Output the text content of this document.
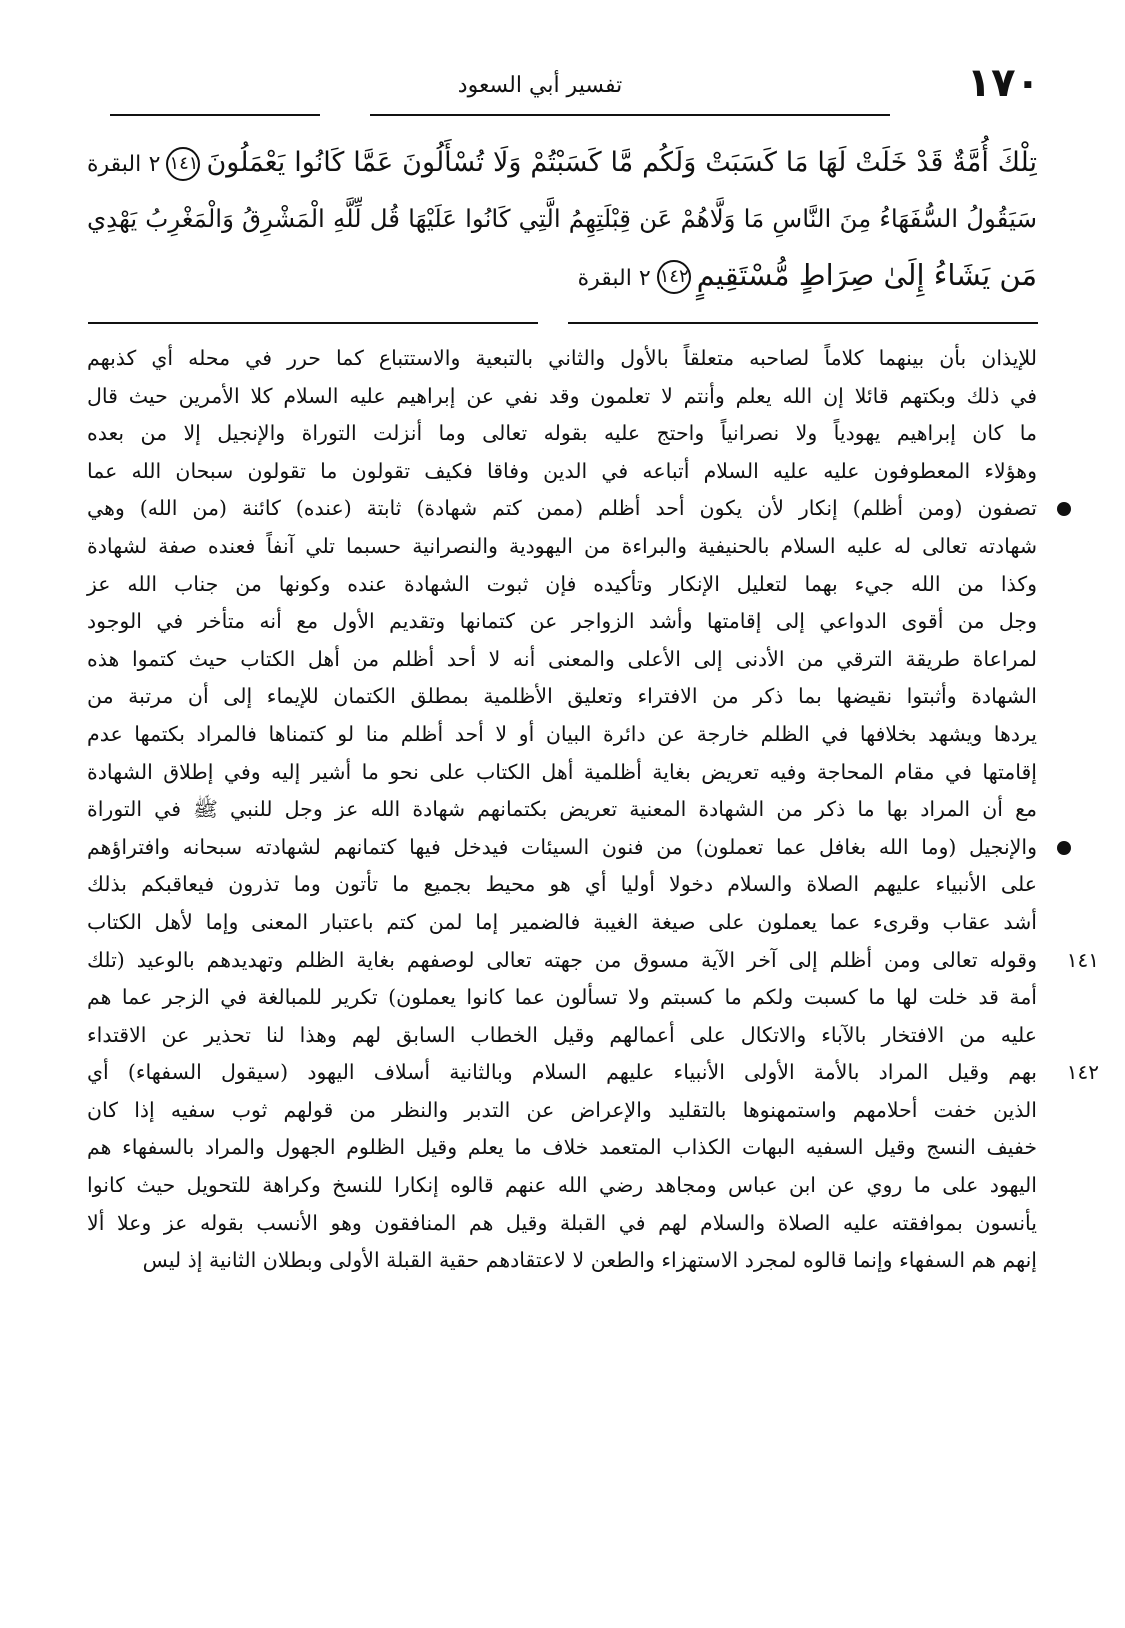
١٧٠
تفسير أبي السعود
تِلْكَ أُمَّةٌ قَدْ خَلَتْ لَهَا مَا كَسَبَتْ وَلَكُم مَّا كَسَبْتُمْ وَلَا تُسْأَلُونَ عَمَّا كَانُوا يَعْمَلُونَ١٤١٢ البقرة
سَيَقُولُ السُّفَهَاءُ مِنَ النَّاسِ مَا وَلَّاهُمْ عَن قِبْلَتِهِمُ الَّتِي كَانُوا عَلَيْهَا قُل لِّلَّهِ الْمَشْرِقُ وَالْمَغْرِبُ يَهْدِي
مَن يَشَاءُ إِلَىٰ صِرَاطٍ مُّسْتَقِيمٍ١٤٢٢ البقرة
للإيذان بأن بينهما كلاماً لصاحبه متعلقاً بالأول والثاني بالتبعية والاستتباع كما حرر في محله أي كذبهم
في ذلك وبكتهم قائلا إن الله يعلم وأنتم لا تعلمون وقد نفي عن إبراهيم عليه السلام كلا الأمرين حيث قال
ما كان إبراهيم يهودياً ولا نصرانياً واحتج عليه بقوله تعالى وما أنزلت التوراة والإنجيل إلا من بعده
وهؤلاء المعطوفون عليه عليه السلام أتباعه في الدين وفاقا فكيف تقولون ما تقولون سبحان الله عما
تصفون (ومن أظلم) إنكار لأن يكون أحد أظلم (ممن كتم شهادة) ثابتة (عنده) كائنة (من الله) وهي
شهادته تعالى له عليه السلام بالحنيفية والبراءة من اليهودية والنصرانية حسبما تلي آنفاً فعنده صفة لشهادة
وكذا من الله جيء بهما لتعليل الإنكار وتأكيده فإن ثبوت الشهادة عنده وكونها من جناب الله عز
وجل من أقوى الدواعي إلى إقامتها وأشد الزواجر عن كتمانها وتقديم الأول مع أنه متأخر في الوجود
لمراعاة طريقة الترقي من الأدنى إلى الأعلى والمعنى أنه لا أحد أظلم من أهل الكتاب حيث كتموا هذه
الشهادة وأثبتوا نقيضها بما ذكر من الافتراء وتعليق الأظلمية بمطلق الكتمان للإيماء إلى أن مرتبة من
يردها ويشهد بخلافها في الظلم خارجة عن دائرة البيان أو لا أحد أظلم منا لو كتمناها فالمراد بكتمها عدم
إقامتها في مقام المحاجة وفيه تعريض بغاية أظلمية أهل الكتاب على نحو ما أشير إليه وفي إطلاق الشهادة
مع أن المراد بها ما ذكر من الشهادة المعنية تعريض بكتمانهم شهادة الله عز وجل للنبي ﷺ في التوراة
والإنجيل (وما الله بغافل عما تعملون) من فنون السيئات فيدخل فيها كتمانهم لشهادته سبحانه وافتراؤهم
على الأنبياء عليهم الصلاة والسلام دخولا أوليا أي هو محيط بجميع ما تأتون وما تذرون فيعاقبكم بذلك
أشد عقاب وقرىء عما يعملون على صيغة الغيبة فالضمير إما لمن كتم باعتبار المعنى وإما لأهل الكتاب
وقوله تعالى ومن أظلم إلى آخر الآية مسوق من جهته تعالى لوصفهم بغاية الظلم وتهديدهم بالوعيد (تلك ١٤١
أمة قد خلت لها ما كسبت ولكم ما كسبتم ولا تسألون عما كانوا يعملون) تكرير للمبالغة في الزجر عما هم
عليه من الافتخار بالآباء والاتكال على أعمالهم وقيل الخطاب السابق لهم وهذا لنا تحذير عن الاقتداء
بهم وقيل المراد بالأمة الأولى الأنبياء عليهم السلام وبالثانية أسلاف اليهود (سيقول السفهاء) أي ١٤٢
الذين خفت أحلامهم واستمهنوها بالتقليد والإعراض عن التدبر والنظر من قولهم ثوب سفيه إذا كان
خفيف النسج وقيل السفيه البهات الكذاب المتعمد خلاف ما يعلم وقيل الظلوم الجهول والمراد بالسفهاء هم
اليهود على ما روي عن ابن عباس ومجاهد رضي الله عنهم قالوه إنكارا للنسخ وكراهة للتحويل حيث كانوا
يأنسون بموافقته عليه الصلاة والسلام لهم في القبلة وقيل هم المنافقون وهو الأنسب بقوله عز وعلا ألا
إنهم هم السفهاء وإنما قالوه لمجرد الاستهزاء والطعن لا لاعتقادهم حقية القبلة الأولى وبطلان الثانية إذ ليس
